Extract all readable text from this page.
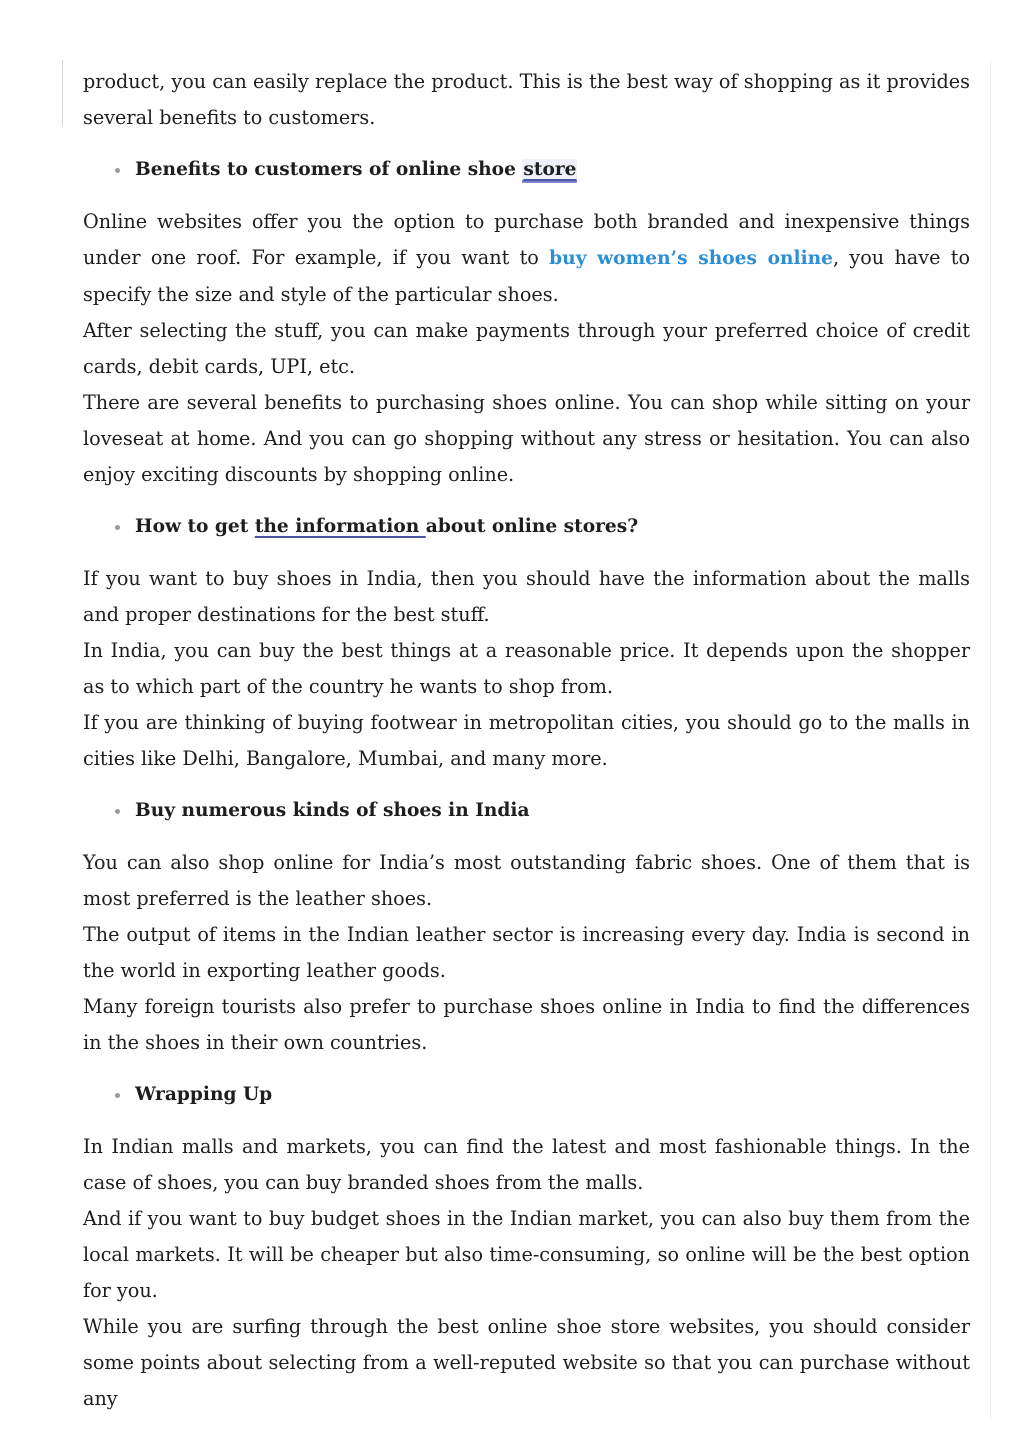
product, you can easily replace the product. This is the best way of shopping as it provides several benefits to customers.

Benefits to customers of online shoe store

Online websites offer you the option to purchase both branded and inexpensive things under one roof. For example, if you want to buy women’s shoes online, you have to specify the size and style of the particular shoes.

After selecting the stuff, you can make payments through your preferred choice of credit cards, debit cards, UPI, etc.

There are several benefits to purchasing shoes online. You can shop while sitting on your loveseat at home. And you can go shopping without any stress or hesitation. You can also enjoy exciting discounts by shopping online.

How to get the information about online stores?

If you want to buy shoes in India, then you should have the information about the malls and proper destinations for the best stuff.

In India, you can buy the best things at a reasonable price. It depends upon the shopper as to which part of the country he wants to shop from.

If you are thinking of buying footwear in metropolitan cities, you should go to the malls in cities like Delhi, Bangalore, Mumbai, and many more.

Buy numerous kinds of shoes in India

You can also shop online for India’s most outstanding fabric shoes. One of them that is most preferred is the leather shoes.

The output of items in the Indian leather sector is increasing every day. India is second in the world in exporting leather goods.

Many foreign tourists also prefer to purchase shoes online in India to find the differences in the shoes in their own countries.

Wrapping Up

In Indian malls and markets, you can find the latest and most fashionable things. In the case of shoes, you can buy branded shoes from the malls.

And if you want to buy budget shoes in the Indian market, you can also buy them from the local markets. It will be cheaper but also time-consuming, so online will be the best option for you.

While you are surfing through the best online shoe store websites, you should consider some points about selecting from a well-reputed website so that you can purchase without any
